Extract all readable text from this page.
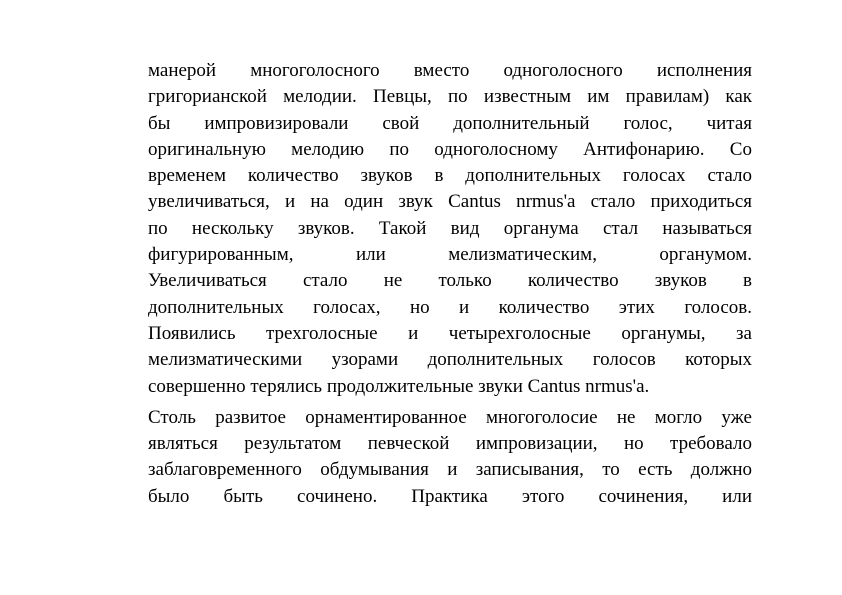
манерой многоголосного вместо одноголосного исполнения
григорианской мелодии. Певцы, по известным им правилам) как
бы импровизировали свой дополнительный голос, читая
оригинальную мелодию по одноголосному Антифонарию. Со
временем количество звуков в дополнительных голосах стало
увеличиваться, и на один звук Cantus nrmus'a стало приходиться
по нескольку звуков. Такой вид органума стал называться
фигурированным, или мелизматическим, органумом.
Увеличиваться стало не только количество звуков в
дополнительных голосах, но и количество этих голосов.
Появились трехголосные и четырехголосные органумы, за
мелизматическими узорами дополнительных голосов которых
совершенно терялись продолжительные звуки Cantus nrmus'a.
Столь развитое орнаментированное многоголосие не могло уже
являться результатом певческой импровизации, но требовало
заблаговременного обдумывания и записывания, то есть должно
было быть сочинено. Практика этого сочинения, или
